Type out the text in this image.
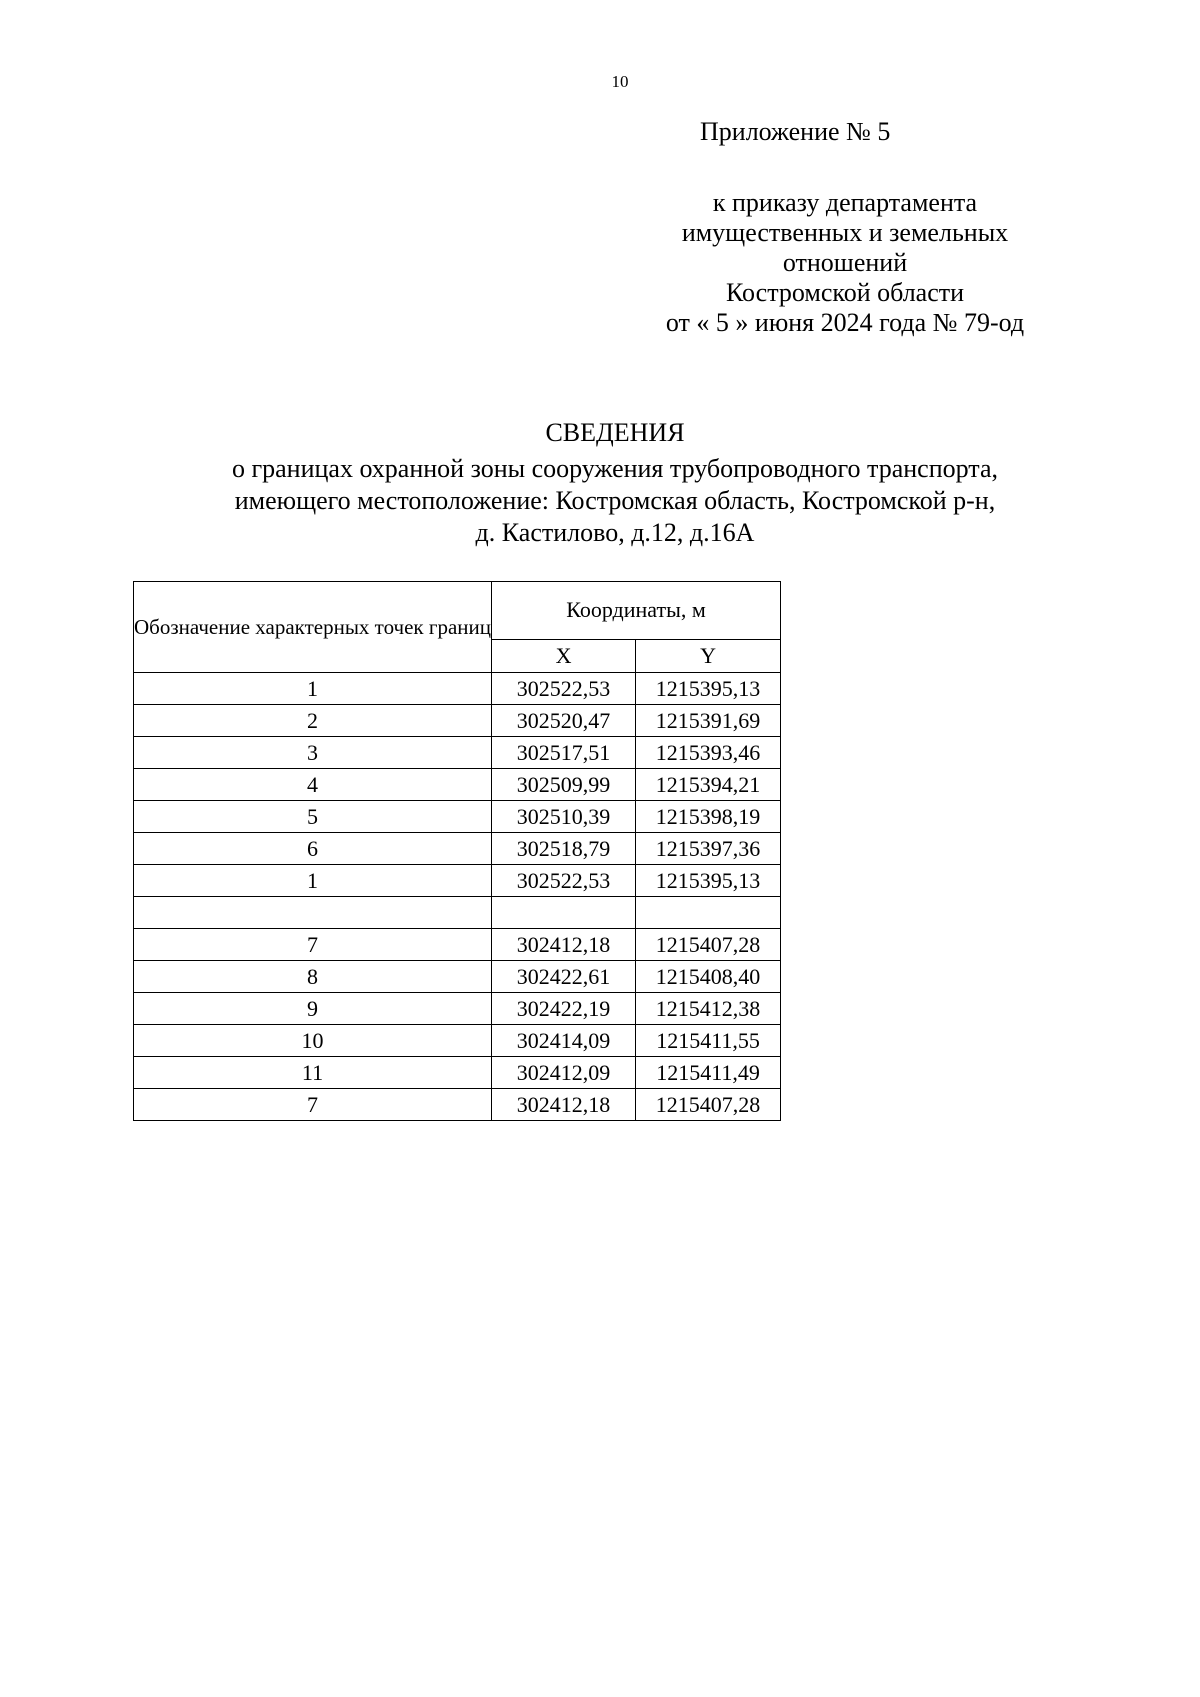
10
Приложение № 5
к приказу департамента
имущественных и земельных
отношений
Костромской области
от « 5 » июня 2024 года № 79-од
СВЕДЕНИЯ
о границах охранной зоны сооружения трубопроводного транспорта,
имеющего местоположение: Костромская область, Костромской р-н,
д. Кастилово, д.12, д.16А
Обозначение характерных точек границ	Координаты, м	
	X	Y
1	302522,53	1215395,13
2	302520,47	1215391,69
3	302517,51	1215393,46
4	302509,99	1215394,21
5	302510,39	1215398,19
6	302518,79	1215397,36
1	302522,53	1215395,13

7	302412,18	1215407,28
8	302422,61	1215408,40
9	302422,19	1215412,38
10	302414,09	1215411,55
11	302412,09	1215411,49
7	302412,18	1215407,28
